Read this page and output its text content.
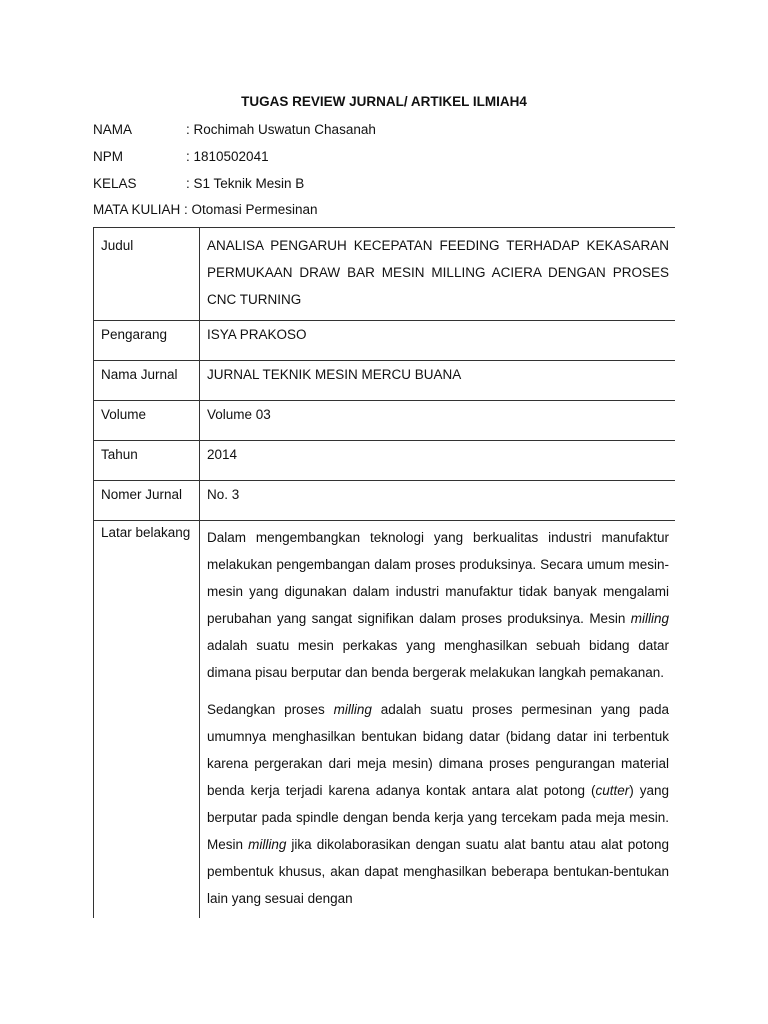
TUGAS REVIEW JURNAL/ ARTIKEL ILMIAH4
NAMA	: Rochimah Uswatun Chasanah
NPM	: 1810502041
KELAS	: S1 Teknik Mesin B
MATA KULIAH : Otomasi Permesinan
Judul	ANALISA PENGARUH KECEPATAN FEEDING TERHADAP KEKASARAN PERMUKAAN DRAW BAR MESIN MILLING ACIERA DENGAN PROSES CNC TURNING
Pengarang	ISYA PRAKOSO
Nama Jurnal	JURNAL TEKNIK MESIN MERCU BUANA
Volume	Volume 03
Tahun	2014
Nomer Jurnal	No. 3
Latar belakang	Dalam mengembangkan teknologi yang berkualitas industri manufaktur melakukan pengembangan dalam proses produksinya. Secara umum mesin-mesin yang digunakan dalam industri manufaktur tidak banyak mengalami perubahan yang sangat signifikan dalam proses produksinya. Mesin milling adalah suatu mesin perkakas yang menghasilkan sebuah bidang datar dimana pisau berputar dan benda bergerak melakukan langkah pemakanan.

Sedangkan proses milling adalah suatu proses permesinan yang pada umumnya menghasilkan bentukan bidang datar (bidang datar ini terbentuk karena pergerakan dari meja mesin) dimana proses pengurangan material benda kerja terjadi karena adanya kontak antara alat potong (cutter) yang berputar pada spindle dengan benda kerja yang tercekam pada meja mesin. Mesin milling jika dikolaborasikan dengan suatu alat bantu atau alat potong pembentuk khusus, akan dapat menghasilkan beberapa bentukan-bentukan lain yang sesuai dengan
